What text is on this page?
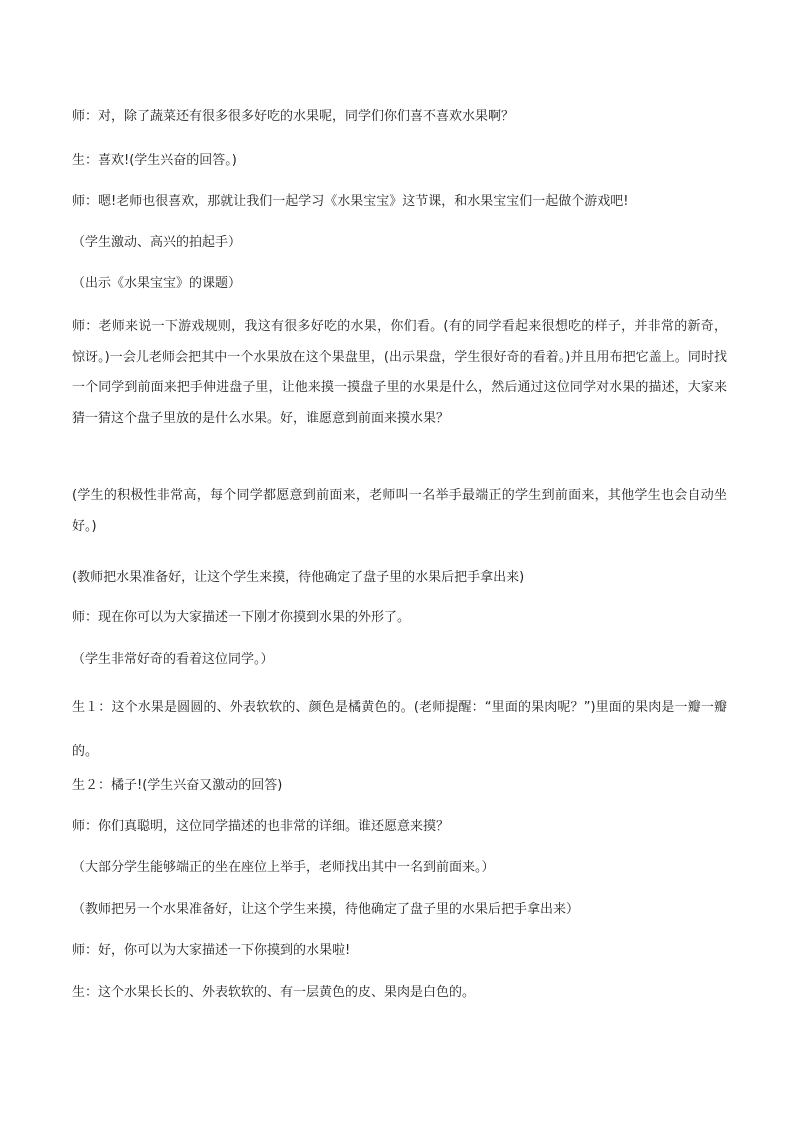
师：对，除了蔬菜还有很多很多好吃的水果呢，同学们你们喜不喜欢水果啊？

生：喜欢!(学生兴奋的回答。)

师：嗯!老师也很喜欢，那就让我们一起学习《水果宝宝》这节课，和水果宝宝们一起做个游戏吧!

（学生激动、高兴的拍起手）

（出示《水果宝宝》的课题）

师：老师来说一下游戏规则，我这有很多好吃的水果，你们看。(有的同学看起来很想吃的样子，并非常的新奇，惊讶。)一会儿老师会把其中一个水果放在这个果盘里，(出示果盘，学生很好奇的看着。)并且用布把它盖上。同时找一个同学到前面来把手伸进盘子里，让他来摸一摸盘子里的水果是什么，然后通过这位同学对水果的描述，大家来猜一猜这个盘子里放的是什么水果。好，谁愿意到前面来摸水果？

(学生的积极性非常高，每个同学都愿意到前面来，老师叫一名举手最端正的学生到前面来，其他学生也会自动坐好。)

(教师把水果准备好，让这个学生来摸，待他确定了盘子里的水果后把手拿出来)

师：现在你可以为大家描述一下刚才你摸到水果的外形了。

（学生非常好奇的看着这位同学。）

生１：这个水果是圆圆的、外表软软的、颜色是橘黄色的。(老师提醒：“里面的果肉呢？”)里面的果肉是一瓣一瓣的。

生２：橘子!(学生兴奋又激动的回答)

师：你们真聪明，这位同学描述的也非常的详细。谁还愿意来摸？

（大部分学生能够端正的坐在座位上举手，老师找出其中一名到前面来。）

（教师把另一个水果准备好，让这个学生来摸，待他确定了盘子里的水果后把手拿出来）

师：好，你可以为大家描述一下你摸到的水果啦!

生：这个水果长长的、外表软软的、有一层黄色的皮、果肉是白色的。
